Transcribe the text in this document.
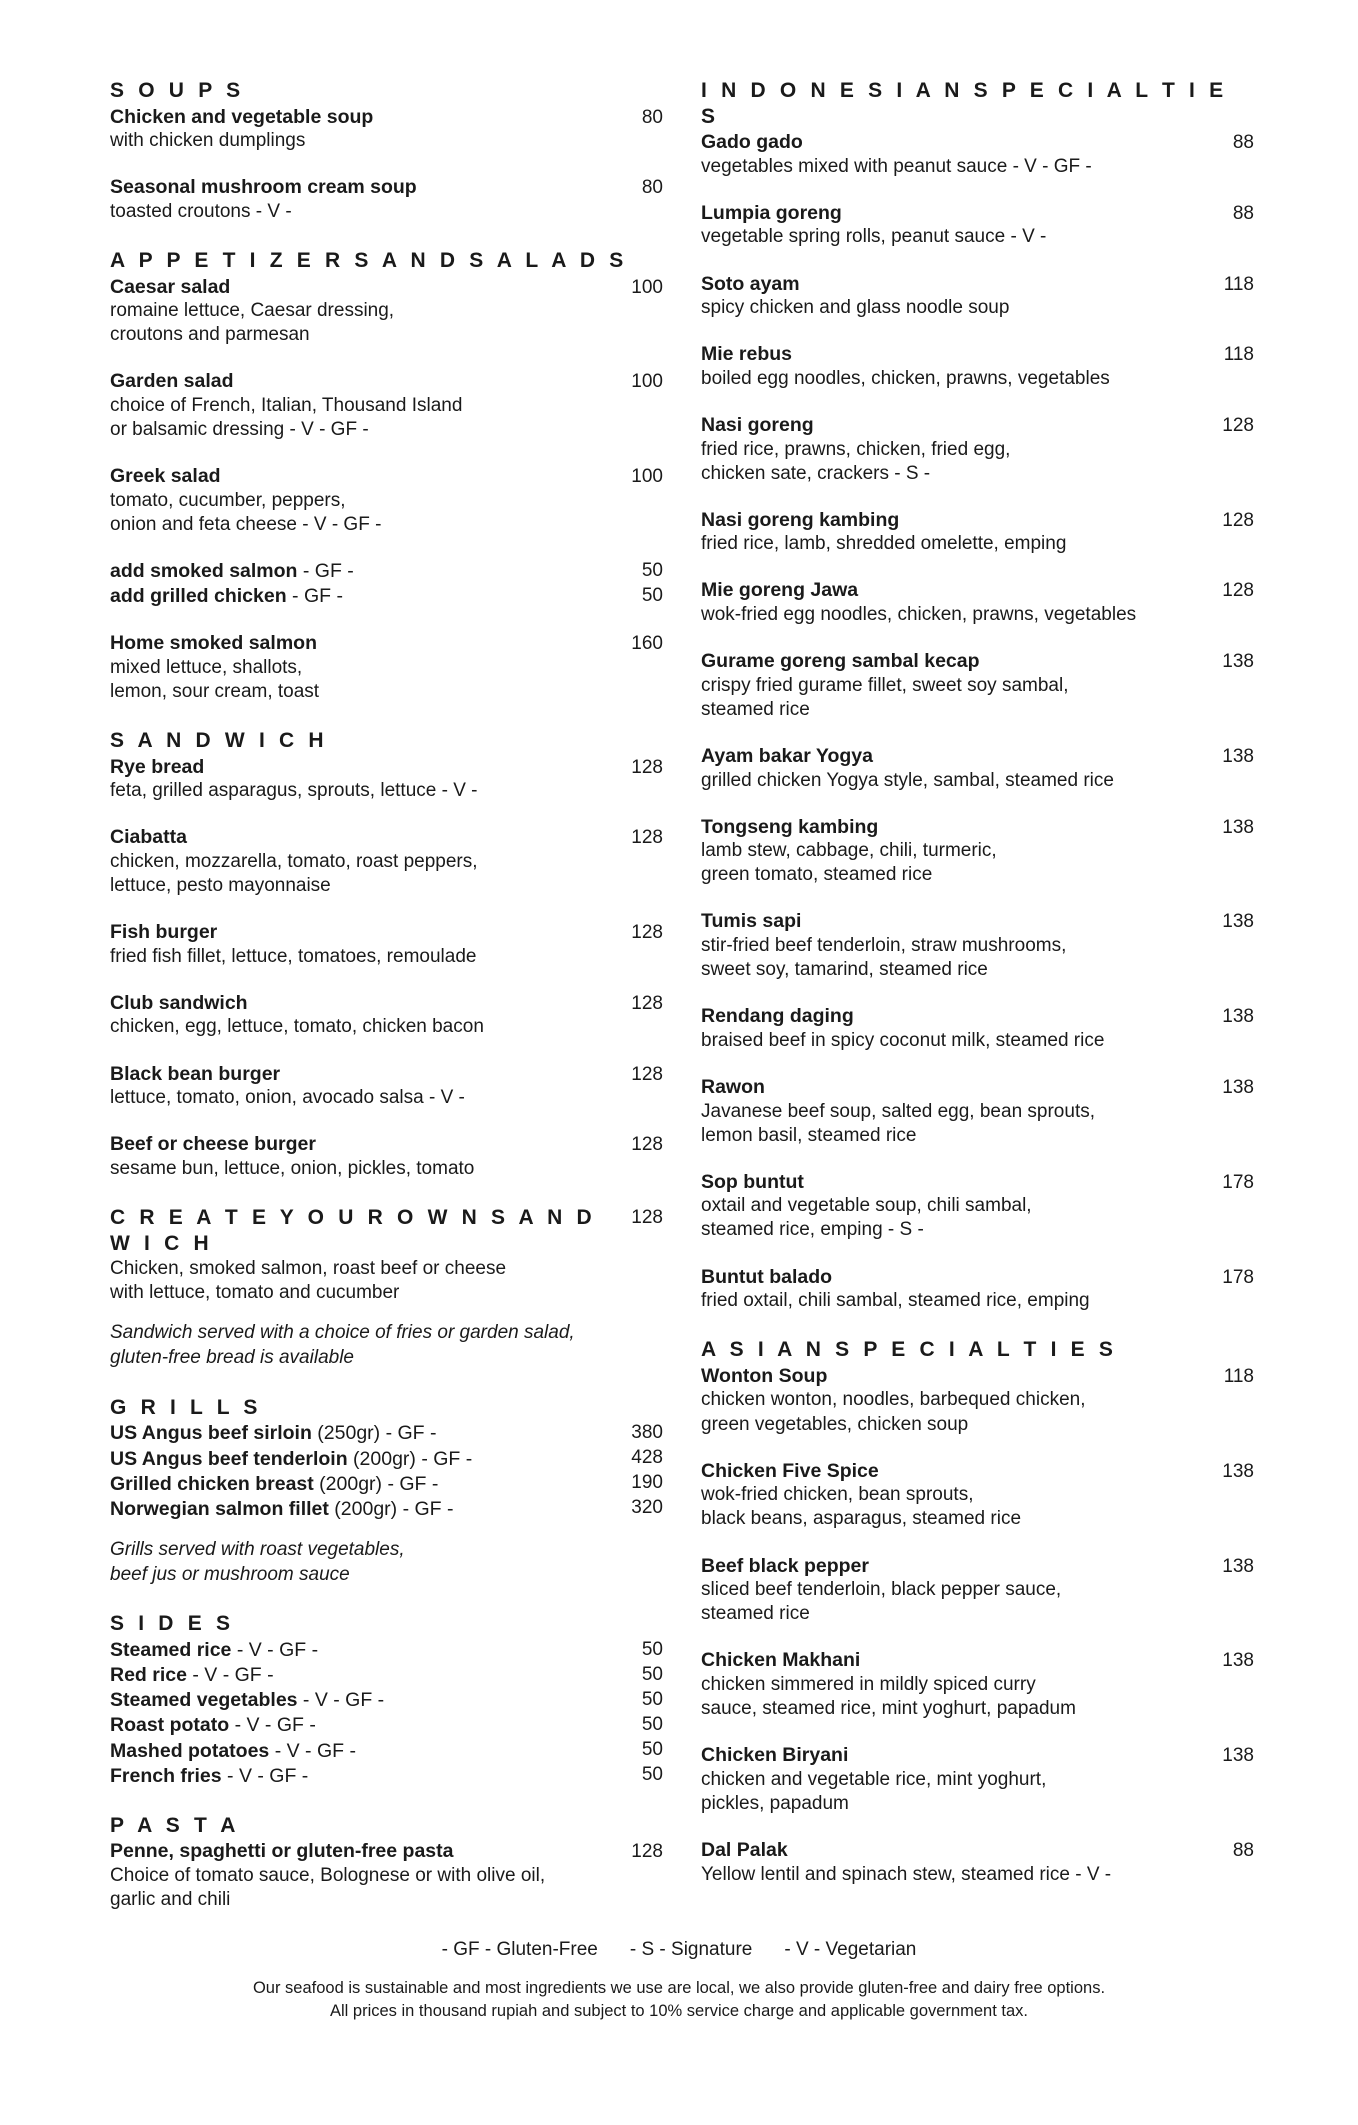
S O U P S
Chicken and vegetable soup
with chicken dumplings
80
Seasonal mushroom cream soup
toasted croutons - V -
80
A P P E T I Z E R S A N D S A L A D S
Caesar salad
romaine lettuce, Caesar dressing,
croutons and parmesan
100
Garden salad
choice of French, Italian, Thousand Island
or balsamic dressing - V - GF -
100
Greek salad
tomato, cucumber, peppers,
onion and feta cheese - V - GF -
100
add smoked salmon - GF -
add grilled chicken - GF -
50
50
Home smoked salmon
mixed lettuce, shallots,
lemon, sour cream, toast
160
S A N D W I C H
Rye bread
feta, grilled asparagus, sprouts, lettuce - V -
128
Ciabatta
chicken, mozzarella, tomato, roast peppers,
lettuce, pesto mayonnaise
128
Fish burger
fried fish fillet, lettuce, tomatoes, remoulade
128
Club sandwich
chicken, egg, lettuce, tomato, chicken bacon
128
Black bean burger
lettuce, tomato, onion, avocado salsa - V -
128
Beef or cheese burger
sesame bun, lettuce, onion, pickles, tomato
128
C R E A T E Y O U R O W N S A N D W I C H
128
Chicken, smoked salmon, roast beef or cheese
with lettuce, tomato and cucumber
Sandwich served with a choice of fries or garden salad,
gluten-free bread is available
G R I L L S
US Angus beef sirloin (250gr) - GF -
US Angus beef tenderloin (200gr) - GF -
Grilled chicken breast (200gr) - GF -
Norwegian salmon fillet (200gr) - GF -
380
428
190
320
Grills served with roast vegetables,
beef jus or mushroom sauce
S I D E S
Steamed rice - V - GF -
Red rice - V - GF -
Steamed vegetables - V - GF -
Roast potato - V - GF -
Mashed potatoes - V - GF -
French fries - V - GF -
50
50
50
50
50
50
P A S T A
Penne, spaghetti or gluten-free pasta
Choice of tomato sauce, Bolognese or with olive oil,
garlic and chili
128
I N D O N E S I A N S P E C I A L T I E S
Gado gado
vegetables mixed with peanut sauce - V - GF -
88
Lumpia goreng
vegetable spring rolls, peanut sauce - V -
88
Soto ayam
spicy chicken and glass noodle soup
118
Mie rebus
boiled egg noodles, chicken, prawns, vegetables
118
Nasi goreng
fried rice, prawns, chicken, fried egg,
chicken sate, crackers - S -
128
Nasi goreng kambing
fried rice, lamb, shredded omelette, emping
128
Mie goreng Jawa
wok-fried egg noodles, chicken, prawns, vegetables
128
Gurame goreng sambal kecap
crispy fried gurame fillet, sweet soy sambal,
steamed rice
138
Ayam bakar Yogya
grilled chicken Yogya style, sambal, steamed rice
138
Tongseng kambing
lamb stew, cabbage, chili, turmeric,
green tomato, steamed rice
138
Tumis sapi
stir-fried beef tenderloin, straw mushrooms,
sweet soy, tamarind, steamed rice
138
Rendang daging
braised beef in spicy coconut milk, steamed rice
138
Rawon
Javanese beef soup, salted egg, bean sprouts,
lemon basil, steamed rice
138
Sop buntut
oxtail and vegetable soup, chili sambal,
steamed rice, emping - S -
178
Buntut balado
fried oxtail, chili sambal, steamed rice, emping
178
A S I A N S P E C I A L T I E S
Wonton Soup
chicken wonton, noodles, barbequed chicken,
green vegetables, chicken soup
118
Chicken Five Spice
wok-fried chicken, bean sprouts,
black beans, asparagus, steamed rice
138
Beef black pepper
sliced beef tenderloin, black pepper sauce,
steamed rice
138
Chicken Makhani
chicken simmered in mildly spiced curry
sauce, steamed rice, mint yoghurt, papadum
138
Chicken Biryani
chicken and vegetable rice, mint yoghurt,
pickles, papadum
138
Dal Palak
Yellow lentil and spinach stew, steamed rice - V -
88
- GF - Gluten-Free - S - Signature - V - Vegetarian
Our seafood is sustainable and most ingredients we use are local, we also provide gluten-free and dairy free options.
All prices in thousand rupiah and subject to 10% service charge and applicable government tax.
